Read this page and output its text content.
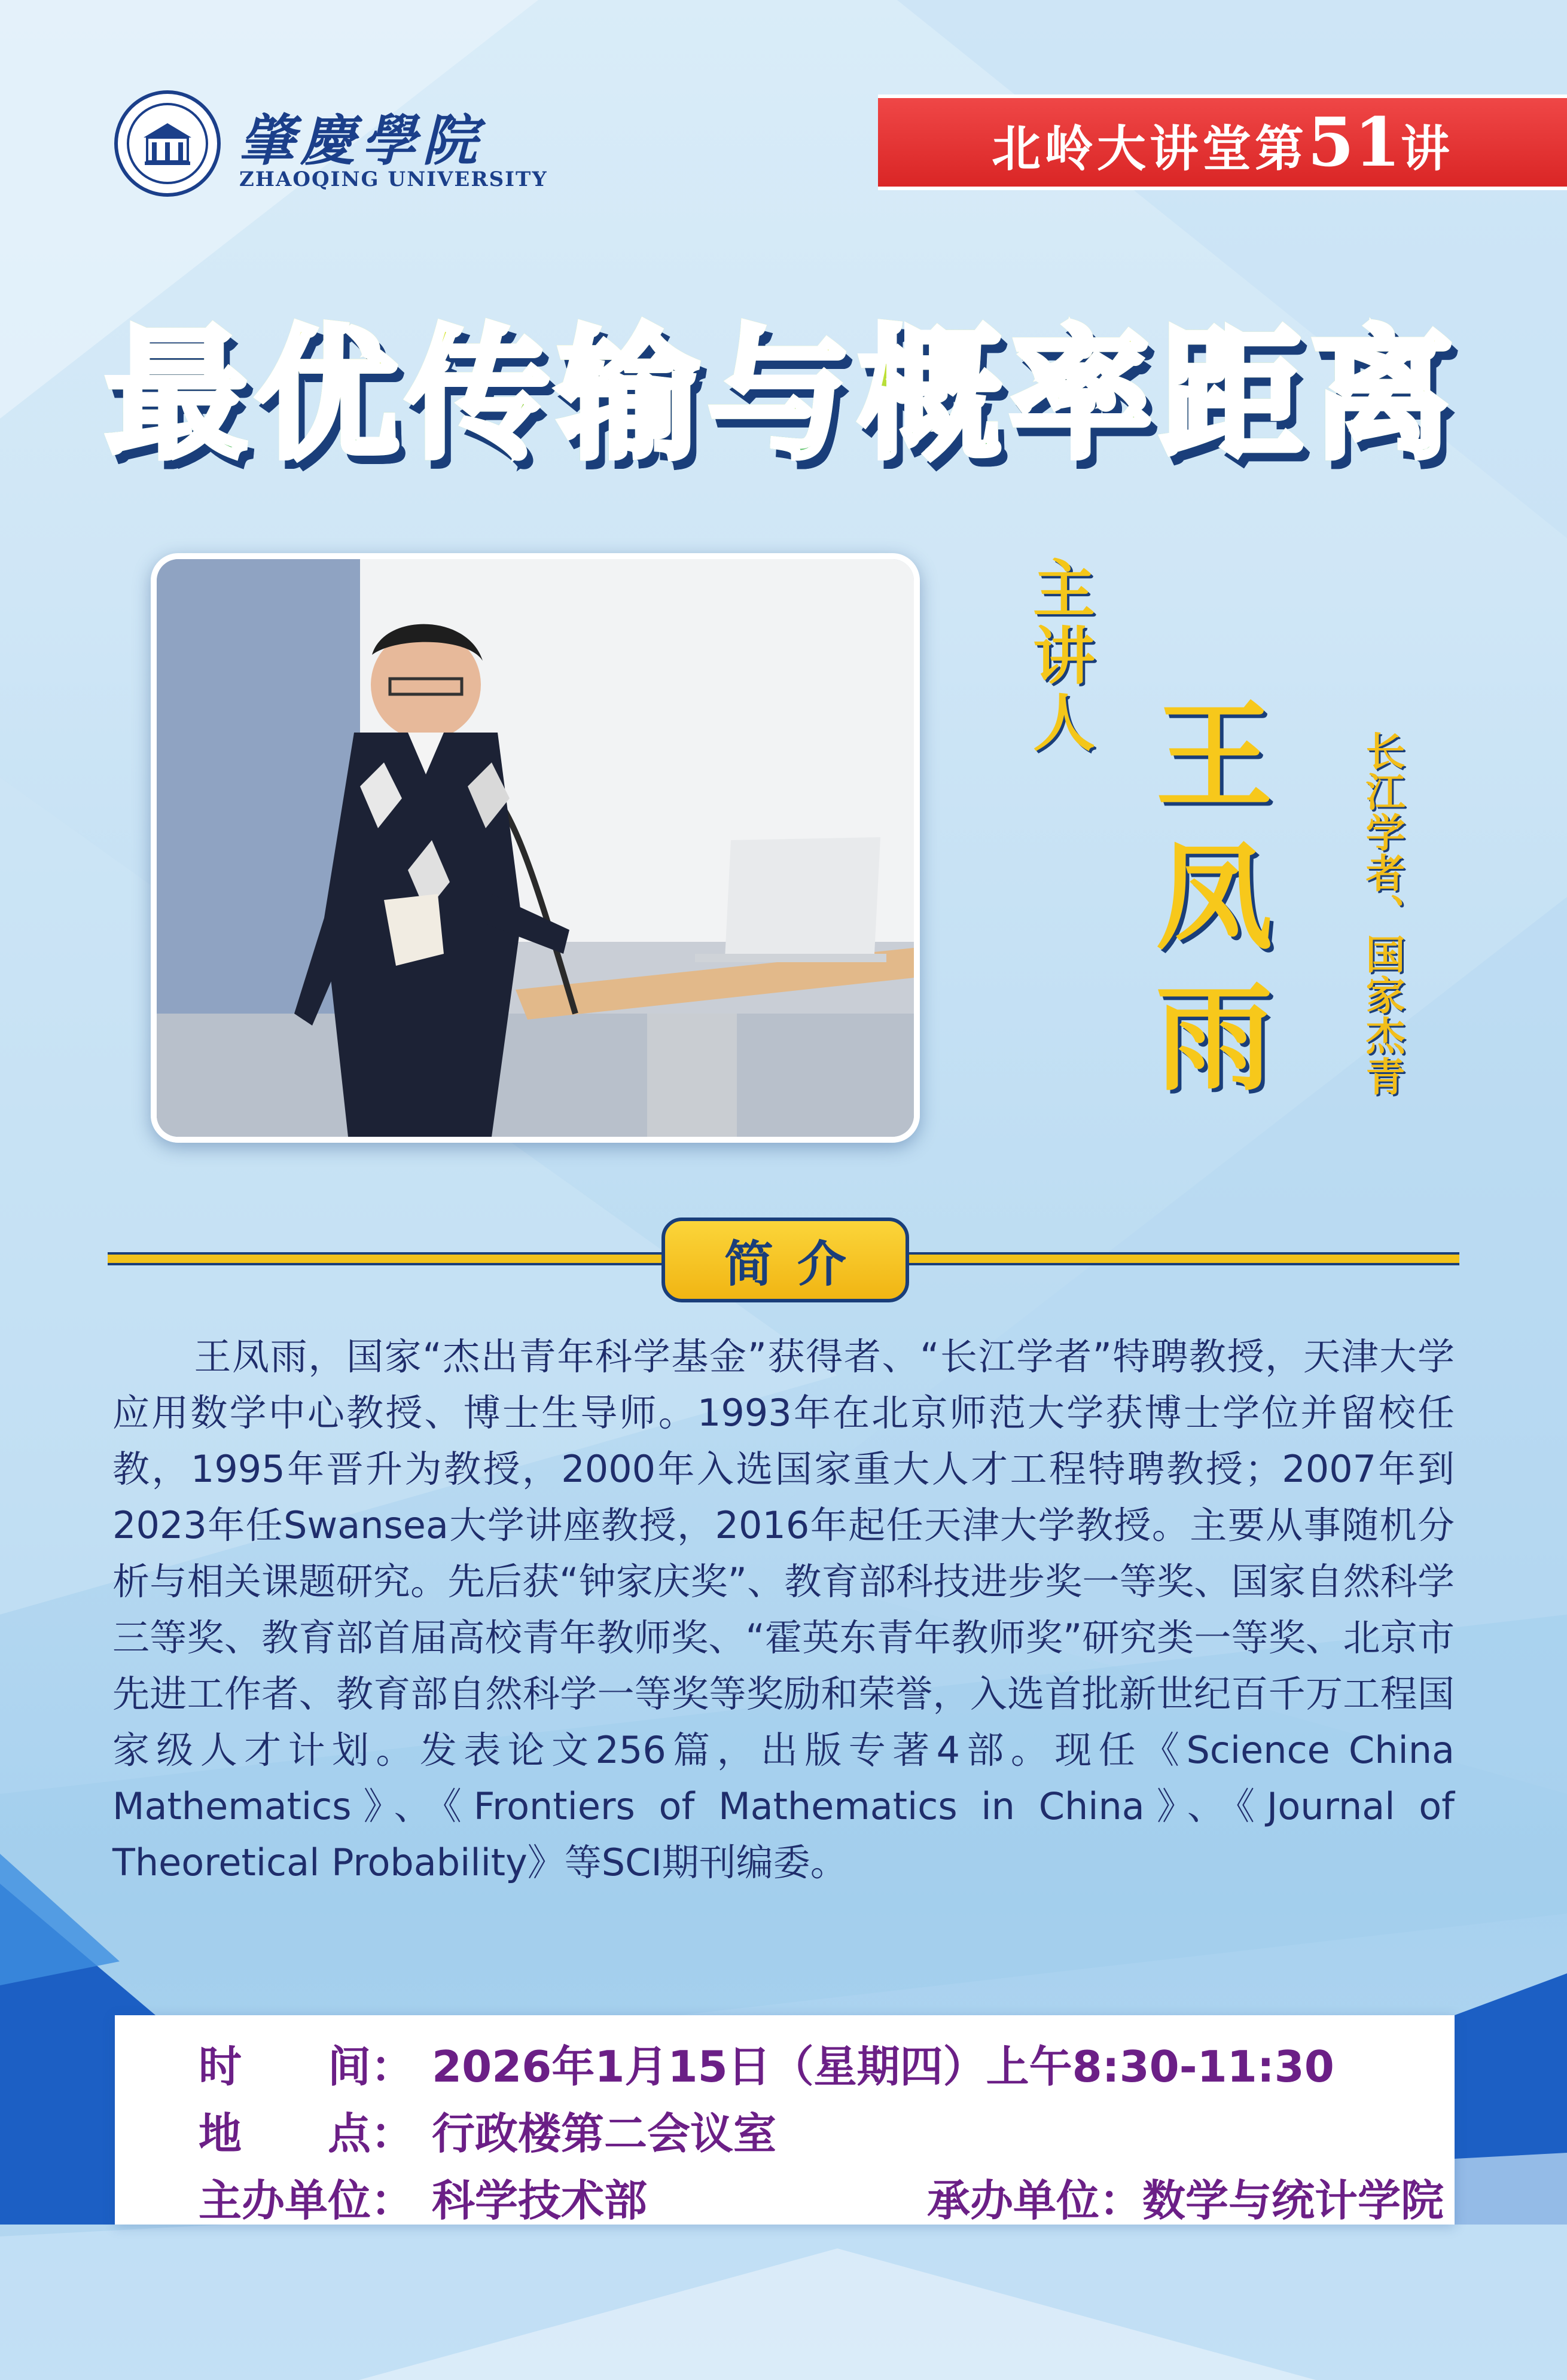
肇慶學院
ZHAOQING UNIVERSITY
北岭大讲堂第51讲
最优传输与概率距离
主讲人
王凤雨	长江学者、国家杰青
简介
王凤雨，国家“杰出青年科学基金”获得者、“长江学者”特聘教授，天津大学应用数学中心教授、博士生导师。1993年在北京师范大学获博士学位并留校任教，1995年晋升为教授，2000年入选国家重大人才工程特聘教授；2007年到2023年任Swansea大学讲座教授，2016年起任天津大学教授。主要从事随机分析与相关课题研究。先后获“钟家庆奖”、教育部科技进步奖一等奖、国家自然科学三等奖、教育部首届高校青年教师奖、“霍英东青年教师奖”研究类一等奖、北京市先进工作者、教育部自然科学一等奖等奖励和荣誉，入选首批新世纪百千万工程国家级人才计划。发表论文256篇，出版专著4部。现任《Science China Mathematics》、《Frontiers of Mathematics in China》、《Journal of Theoretical Probability》等SCI期刊编委。
时　　间： 2026年1月15日（星期四）上午8:30-11:30
地　　点： 行政楼第二会议室
主办单位： 科学技术部	承办单位：数学与统计学院
